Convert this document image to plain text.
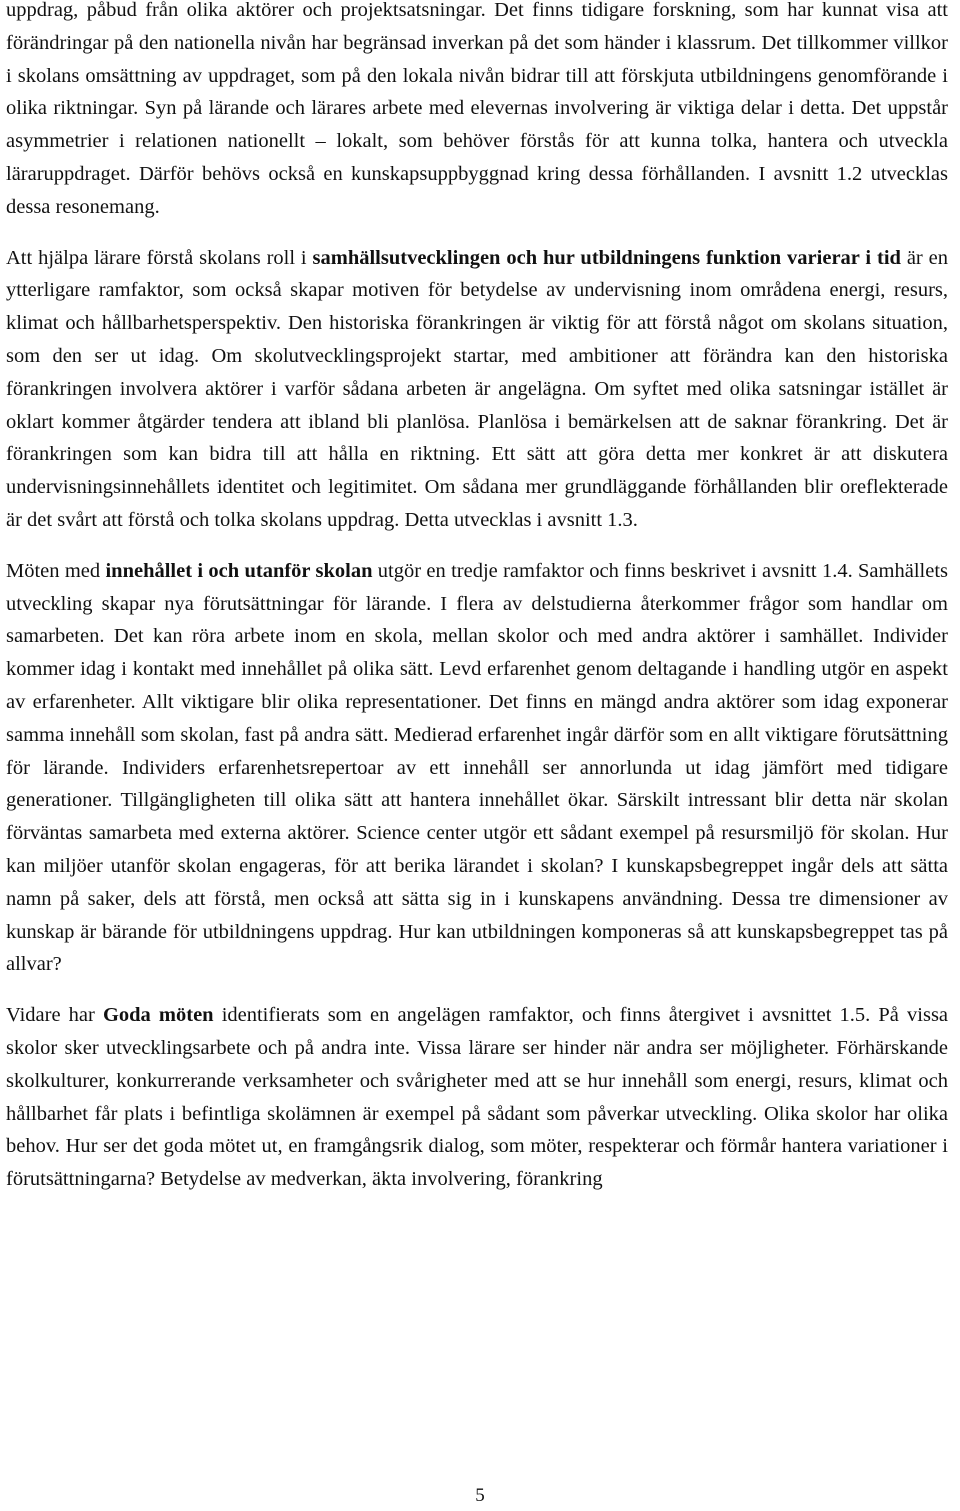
uppdrag, påbud från olika aktörer och projektsatsningar. Det finns tidigare forskning, som har kunnat visa att förändringar på den nationella nivån har begränsad inverkan på det som händer i klassrum. Det tillkommer villkor i skolans omsättning av uppdraget, som på den lokala nivån bidrar till att förskjuta utbildningens genomförande i olika riktningar. Syn på lärande och lärares arbete med elevernas involvering är viktiga delar i detta. Det uppstår asymmetrier i relationen nationellt – lokalt, som behöver förstås för att kunna tolka, hantera och utveckla läraruppdraget. Därför behövs också en kunskapsuppbyggnad kring dessa förhållanden. I avsnitt 1.2 utvecklas dessa resonemang.

Att hjälpa lärare förstå skolans roll i samhällsutvecklingen och hur utbildningens funktion varierar i tid är en ytterligare ramfaktor, som också skapar motiven för betydelse av undervisning inom områdena energi, resurs, klimat och hållbarhetsperspektiv. Den historiska förankringen är viktig för att förstå något om skolans situation, som den ser ut idag. Om skolutvecklingsprojekt startar, med ambitioner att förändra kan den historiska förankringen involvera aktörer i varför sådana arbeten är angelägna. Om syftet med olika satsningar istället är oklart kommer åtgärder tendera att ibland bli planlösa. Planlösa i bemärkelsen att de saknar förankring. Det är förankringen som kan bidra till att hålla en riktning. Ett sätt att göra detta mer konkret är att diskutera undervisningsinnehållets identitet och legitimitet. Om sådana mer grundläggande förhållanden blir oreflekterade är det svårt att förstå och tolka skolans uppdrag. Detta utvecklas i avsnitt 1.3.

Möten med innehållet i och utanför skolan utgör en tredje ramfaktor och finns beskrivet i avsnitt 1.4. Samhällets utveckling skapar nya förutsättningar för lärande. I flera av delstudierna återkommer frågor som handlar om samarbeten. Det kan röra arbete inom en skola, mellan skolor och med andra aktörer i samhället. Individer kommer idag i kontakt med innehållet på olika sätt. Levd erfarenhet genom deltagande i handling utgör en aspekt av erfarenheter. Allt viktigare blir olika representationer. Det finns en mängd andra aktörer som idag exponerar samma innehåll som skolan, fast på andra sätt. Medierad erfarenhet ingår därför som en allt viktigare förutsättning för lärande. Individers erfarenhetsrepertoar av ett innehåll ser annorlunda ut idag jämfört med tidigare generationer. Tillgängligheten till olika sätt att hantera innehållet ökar. Särskilt intressant blir detta när skolan förväntas samarbeta med externa aktörer. Science center utgör ett sådant exempel på resursmiljö för skolan. Hur kan miljöer utanför skolan engageras, för att berika lärandet i skolan? I kunskapsbegreppet ingår dels att sätta namn på saker, dels att förstå, men också att sätta sig in i kunskapens användning. Dessa tre dimensioner av kunskap är bärande för utbildningens uppdrag. Hur kan utbildningen komponeras så att kunskapsbegreppet tas på allvar?

Vidare har Goda möten identifierats som en angelägen ramfaktor, och finns återgivet i avsnittet 1.5. På vissa skolor sker utvecklingsarbete och på andra inte. Vissa lärare ser hinder när andra ser möjligheter. Förhärskande skolkulturer, konkurrerande verksamheter och svårigheter med att se hur innehåll som energi, resurs, klimat och hållbarhet får plats i befintliga skolämnen är exempel på sådant som påverkar utveckling. Olika skolor har olika behov. Hur ser det goda mötet ut, en framgångsrik dialog, som möter, respekterar och förmår hantera variationer i förutsättningarna? Betydelse av medverkan, äkta involvering, förankring

5
